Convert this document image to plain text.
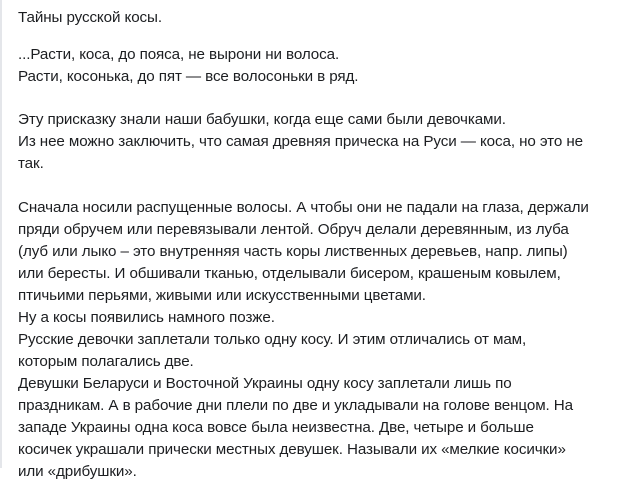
Тайны русской косы.
...Расти, коса, до пояса, не вырони ни волоса.
Расти, косонька, до пят — все волосоньки в ряд.
Эту присказку знали наши бабушки, когда еще сами были девочками.
Из нее можно заключить, что самая древняя прическа на Руси — коса, но это не
так.
Сначала носили распущенные волосы. А чтобы они не падали на глаза, держали
пряди обручем или перевязывали лентой. Обруч делали деревянным, из луба
(луб или лыко – это внутренняя часть коры лиственных деревьев, напр. липы)
или бересты. И обшивали тканью, отделывали бисером, крашеным ковылем,
птичьими перьями, живыми или искусственными цветами.
Ну а косы появились намного позже.
Русские девочки заплетали только одну косу. И этим отличались от мам,
которым полагались две.
Девушки Беларуси и Восточной Украины одну косу заплетали лишь по
праздникам. А в рабочие дни плели по две и укладывали на голове венцом. На
западе Украины одна коса вовсе была неизвестна. Две, четыре и больше
косичек украшали прически местных девушек. Называли их «мелкие косички»
или «дрибушки».
